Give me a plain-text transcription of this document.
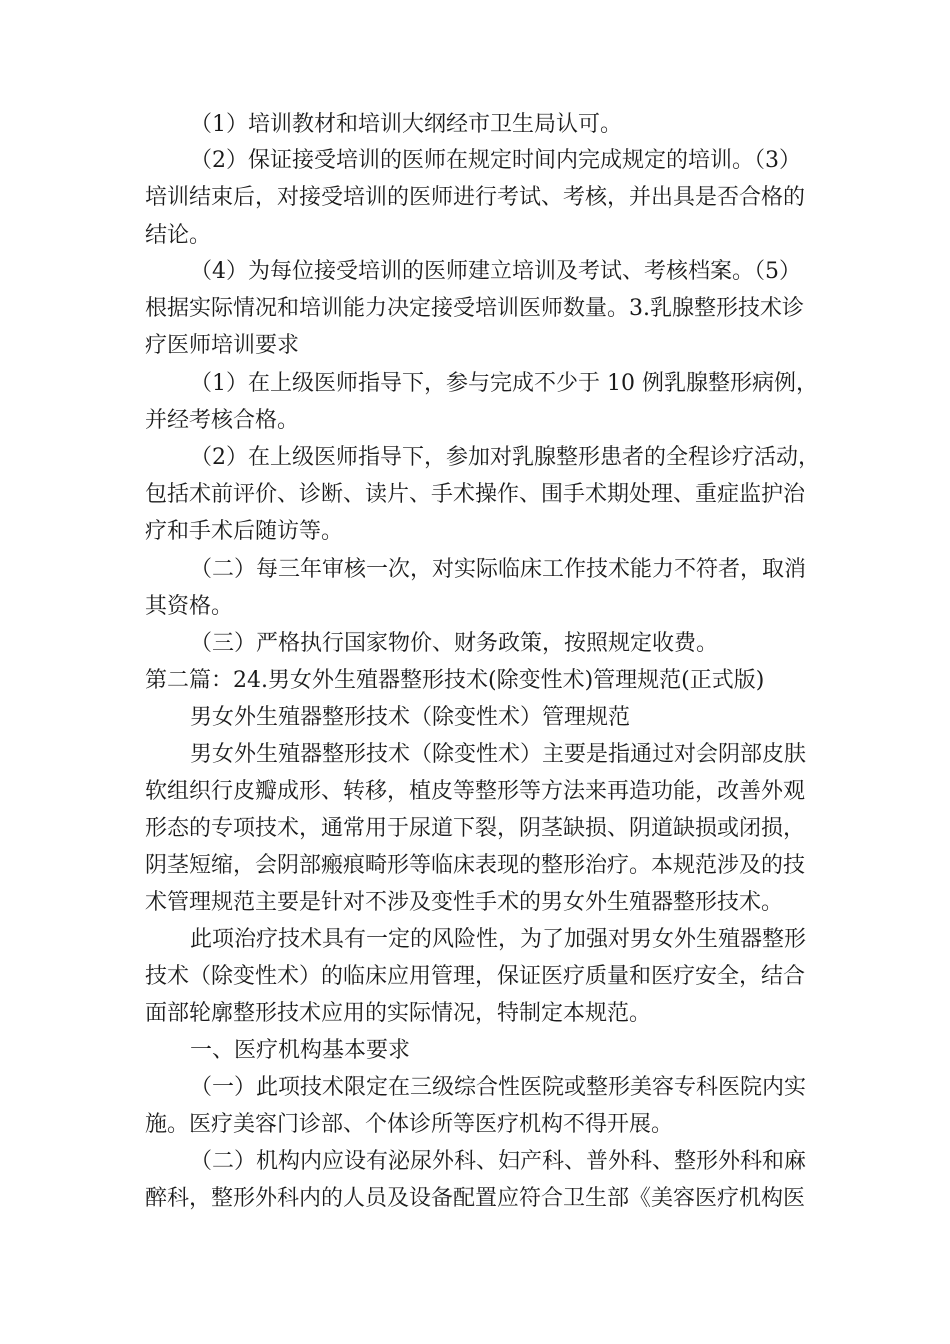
（1）培训教材和培训大纲经市卫生局认可。

（2）保证接受培训的医师在规定时间内完成规定的培训。（3）

培训结束后，对接受培训的医师进行考试、考核，并出具是否合格的

结论。

（4）为每位接受培训的医师建立培训及考试、考核档案。（5）

根据实际情况和培训能力决定接受培训医师数量。3.乳腺整形技术诊

疗医师培训要求

（1）在上级医师指导下，参与完成不少于 10 例乳腺整形病例，

并经考核合格。

（2）在上级医师指导下，参加对乳腺整形患者的全程诊疗活动，

包括术前评价、诊断、读片、手术操作、围手术期处理、重症监护治

疗和手术后随访等。

（二）每三年审核一次，对实际临床工作技术能力不符者，取消

其资格。

（三）严格执行国家物价、财务政策，按照规定收费。

第二篇：24.男女外生殖器整形技术(除变性术)管理规范(正式版)

男女外生殖器整形技术（除变性术）管理规范

男女外生殖器整形技术（除变性术）主要是指通过对会阴部皮肤

软组织行皮瓣成形、转移，植皮等整形等方法来再造功能，改善外观

形态的专项技术，通常用于尿道下裂，阴茎缺损、阴道缺损或闭损，

阴茎短缩，会阴部瘢痕畸形等临床表现的整形治疗。本规范涉及的技

术管理规范主要是针对不涉及变性手术的男女外生殖器整形技术。

此项治疗技术具有一定的风险性，为了加强对男女外生殖器整形

技术（除变性术）的临床应用管理，保证医疗质量和医疗安全，结合

面部轮廓整形技术应用的实际情况，特制定本规范。

一、医疗机构基本要求

（一）此项技术限定在三级综合性医院或整形美容专科医院内实

施。医疗美容门诊部、个体诊所等医疗机构不得开展。

（二）机构内应设有泌尿外科、妇产科、普外科、整形外科和麻

醉科，整形外科内的人员及设备配置应符合卫生部《美容医疗机构医
